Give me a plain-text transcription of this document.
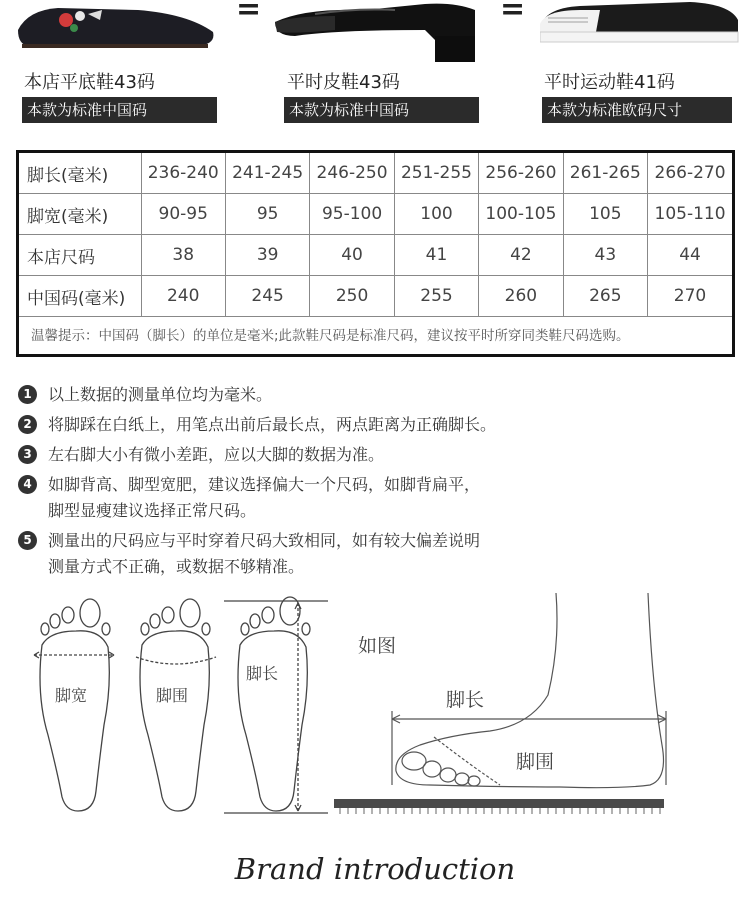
=	=
本店平底鞋43码
本款为标准中国码
平时皮鞋43码
本款为标准中国码
平时运动鞋41码
本款为标准欧码尺寸
脚长(毫米)	236-240	241-245	246-250	251-255	256-260	261-265	266-270
脚宽(毫米)	90-95	95	95-100	100	100-105	105	105-110
本店尺码	38	39	40	41	42	43	44
中国码(毫米)	240	245	250	255	260	265	270
温馨提示：中国码（脚长）的单位是毫米;此款鞋尺码是标准尺码，建议按平时所穿同类鞋尺码选购。
1	以上数据的测量单位均为毫米。
2	将脚踩在白纸上，用笔点出前后最长点，两点距离为正确脚长。
3	左右脚大小有微小差距，应以大脚的数据为准。
4	如脚背高、脚型宽肥，建议选择偏大一个尺码，如脚背扁平，
脚型显瘦建议选择正常尺码。
5	测量出的尺码应与平时穿着尺码大致相同，如有较大偏差说明
测量方式不正确，或数据不够精准。
脚宽	脚围
脚长
如图
脚长
脚围
Brand introduction
